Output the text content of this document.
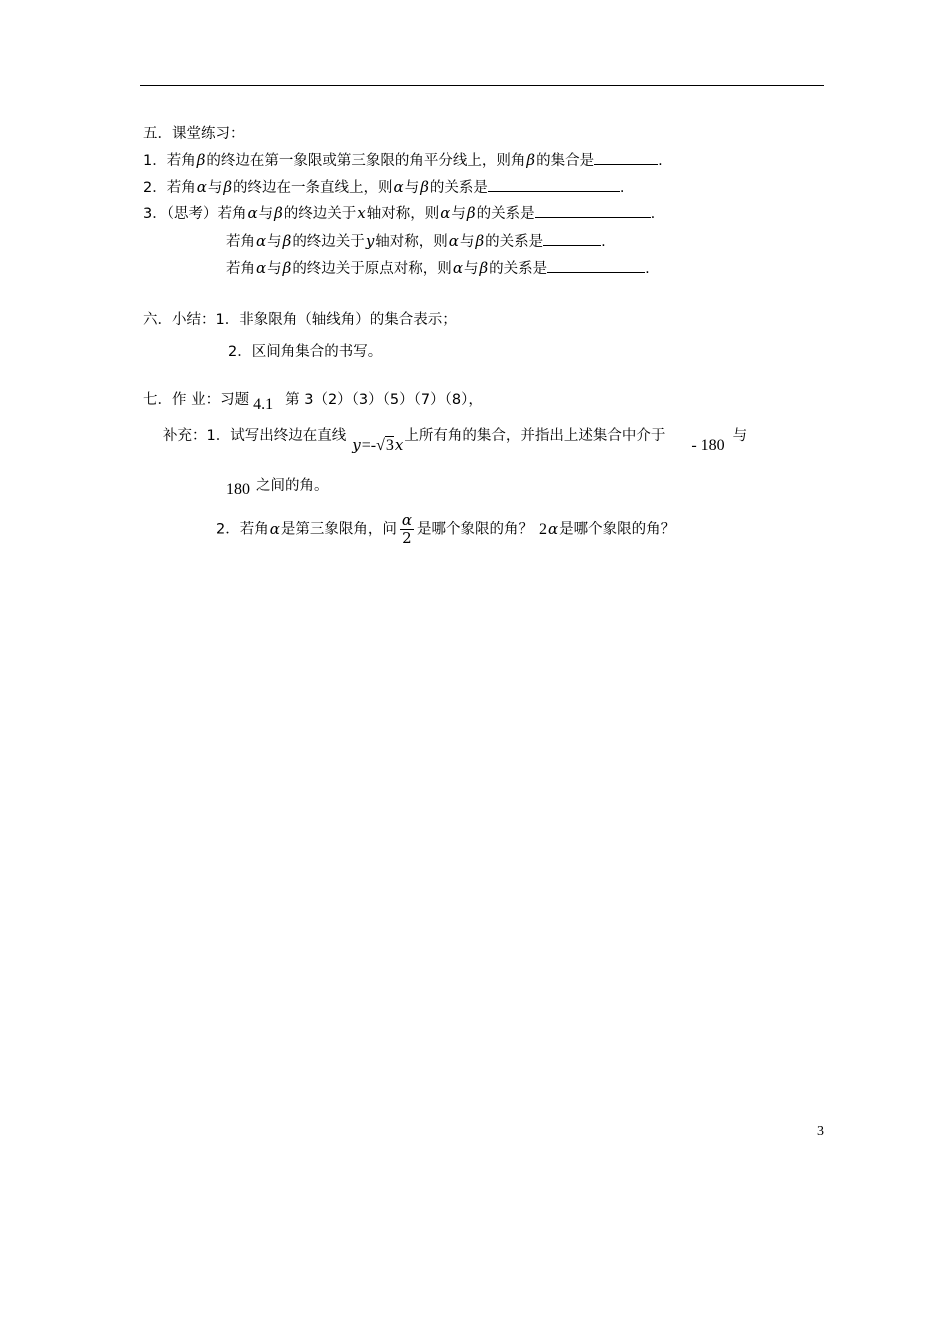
五．课堂练习：
1．若角β的终边在第一象限或第三象限的角平分线上，则角β的集合是	.
2．若角α与β的终边在一条直线上，则α与β的关系是	.
3．（思考）若角α与β的终边关于x轴对称，则α与β的关系是	.
若角α与β的终边关于y轴对称，则α与β的关系是	.
若角α与β的终边关于原点对称，则α与β的关系是	.
六．小结：1．非象限角（轴线角）的集合表示；
2．区间角集合的书写。
七．作 业：习题 4.1 第 3（2）（3）（5）（7）（8），
补充：1．试写出终边在直线 y=-√3x上所有角的集合，并指出上述集合中介于- 180与
180 之间的角。
2．若角α是第三象限角，问 $\frac{\alpha}{2}$ 是哪个象限的角？ 2α是哪个象限的角？
3
